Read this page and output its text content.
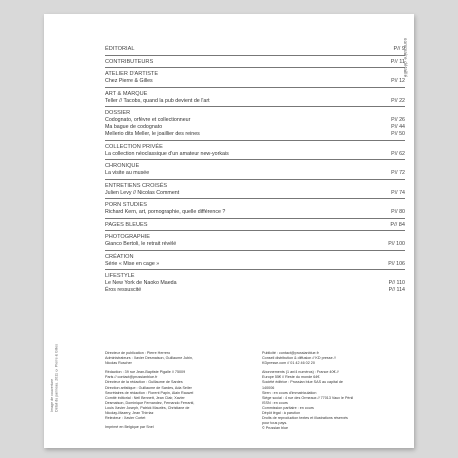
sommaire détaillé
Image de couverture Détail du panneau. 2011 © Pierre & Gilles
ÉDITORIAL	P// 9
CONTRIBUTEURS	P// 11
ATELIER D'ARTISTE
Chez Pierre & Gilles	P// 12
ART & MARQUE
Teller // Tacobs, quand la pub devient de l'art	P// 22
DOSSIER
Codognato, orfèvre et collectionneur	P// 26
Ma bague de codognato	P// 44
Mellerio dits Meller, le joaillier des reines	P// 50
COLLECTION PRIVÉE
La collection néoclassique d'un amateur new-yorkais	P// 62
CHRONIQUE
La visite au musée	P// 72
ENTRETIENS CROISÉS
Julien Levy // Nicolas Comment	P// 74
PORN STUDIES
Richard Kern, art, pornographie, quelle différence ?	P// 80
PAGES BLEUES	P// 84
PHOTOGRAPHIE
Gianco Bertoli, le retrait révélé	P// 100
CRÉATION
Série « Mise en cage »	P// 106
LIFESTYLE
Le New York de Naoko Maeda	P// 110
Éros ressuscité	P// 114

Directeur de publication : Pierre Herrero

Administrateurs : Xavier Desmaison, Guillaume Jubin,

Nicolas Ruscher

Rédaction : 39 rue Jean-Baptiste Pigalle // 75009

Paris // contact@prussianblue.fr

Directeur de la rédaction : Guillaume de Sardes

Direction artistique : Guillaume de Sardes, Ada Seiler

Secrétaires de rédaction : Florent Papin, Alain Rauwel

Comité éditorial : Neil Bennett, Jean Clair, Xavier

Desmaison, Dominique Fernandez, Fernando Ferranti,

Louis Xavier Joseph, Patrick Mauriès, Christiane de

Nicolay-Mazery, Jean Thirriaz

Relecteur : Xavier Cortet

Imprimé en Belgique par Snel

Publicité : contact@prussianblue.fr

Conseil distribution & diffusion // KD presse //

KDpresse.com // 01 42 46 02 20

Abonnements (1 an/4 numéros) : France 40€ //

Europe 55€ // Reste du monde 64€

Société éditrice : Prussian blue SAS au capital de

140006

Siren : en cours d'immatriculation

Siège social : 4 rue des Ormeaux // 77013 Vaux le Pénil

ISSN : en cours

Commission paritaire : en cours

Dépôt légal : à parution

Droits de reproduction textes et illustrations réservés

pour tous pays.

© Prussian blue
